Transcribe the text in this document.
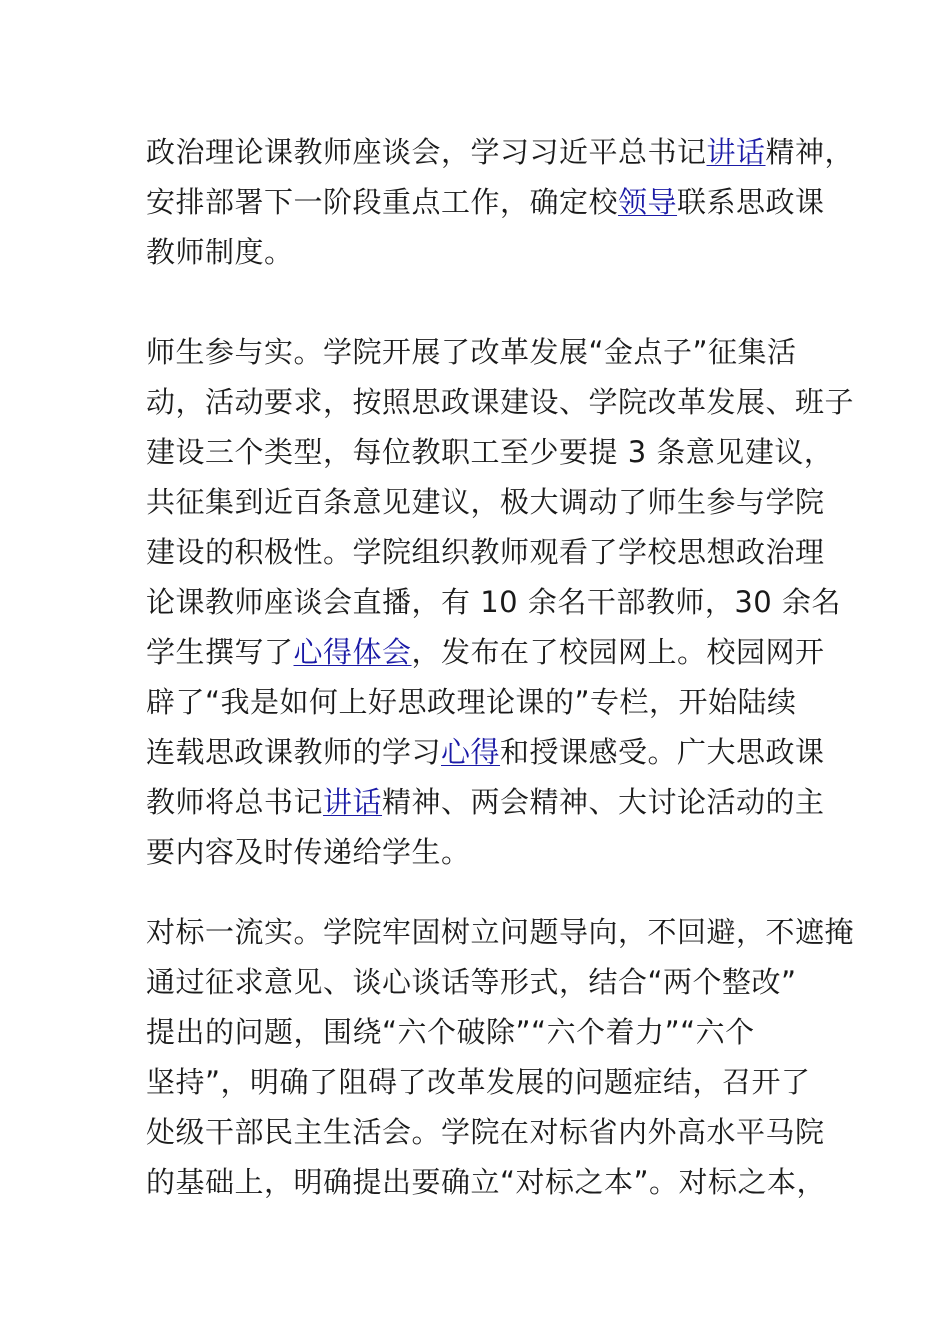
政治理论课教师座谈会，学习习近平总书记讲话精神，
安排部署下一阶段重点工作，确定校领导联系思政课
教师制度。
师生参与实。学院开展了改革发展“金点子”征集活
动，活动要求，按照思政课建设、学院改革发展、班子
建设三个类型，每位教职工至少要提 3 条意见建议，
共征集到近百条意见建议，极大调动了师生参与学院
建设的积极性。学院组织教师观看了学校思想政治理
论课教师座谈会直播，有 10 余名干部教师，30 余名
学生撰写了心得体会，发布在了校园网上。校园网开
辟了“我是如何上好思政理论课的”专栏，开始陆续
连载思政课教师的学习心得和授课感受。广大思政课
教师将总书记讲话精神、两会精神、大讨论活动的主
要内容及时传递给学生。
对标一流实。学院牢固树立问题导向，不回避，不遮掩
通过征求意见、谈心谈话等形式，结合“两个整改”
提出的问题，围绕“六个破除”“六个着力”“六个
坚持”，明确了阻碍了改革发展的问题症结，召开了
处级干部民主生活会。学院在对标省内外高水平马院
的基础上，明确提出要确立“对标之本”。对标之本，
